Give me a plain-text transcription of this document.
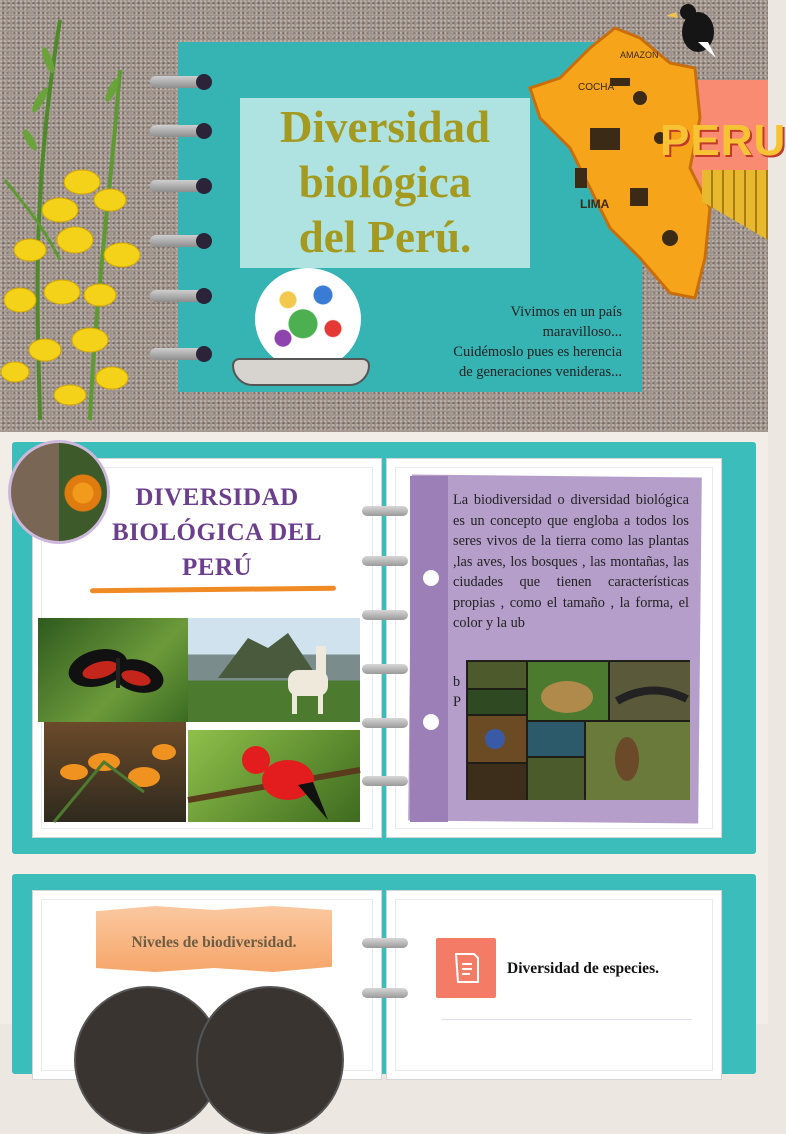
Diversidad
biológica
del Perú.
Vivimos en un país
maravilloso...
Cuidémoslo pues es herencia
de generaciones venideras...
COCHA
LIMA
AMAZON
PERU
DIVERSIDAD
BIOLÓGICA DEL
PERÚ

La biodiversidad o diversidad biológica es un concepto que engloba a todos los seres vivos de la tierra como las plantas ,las aves, los bosques , las montañas, las ciudades que tienen características propias , como el tamaño , la forma, el color y la ub

b
P
Niveles de biodiversidad.
Diversidad de especies.
